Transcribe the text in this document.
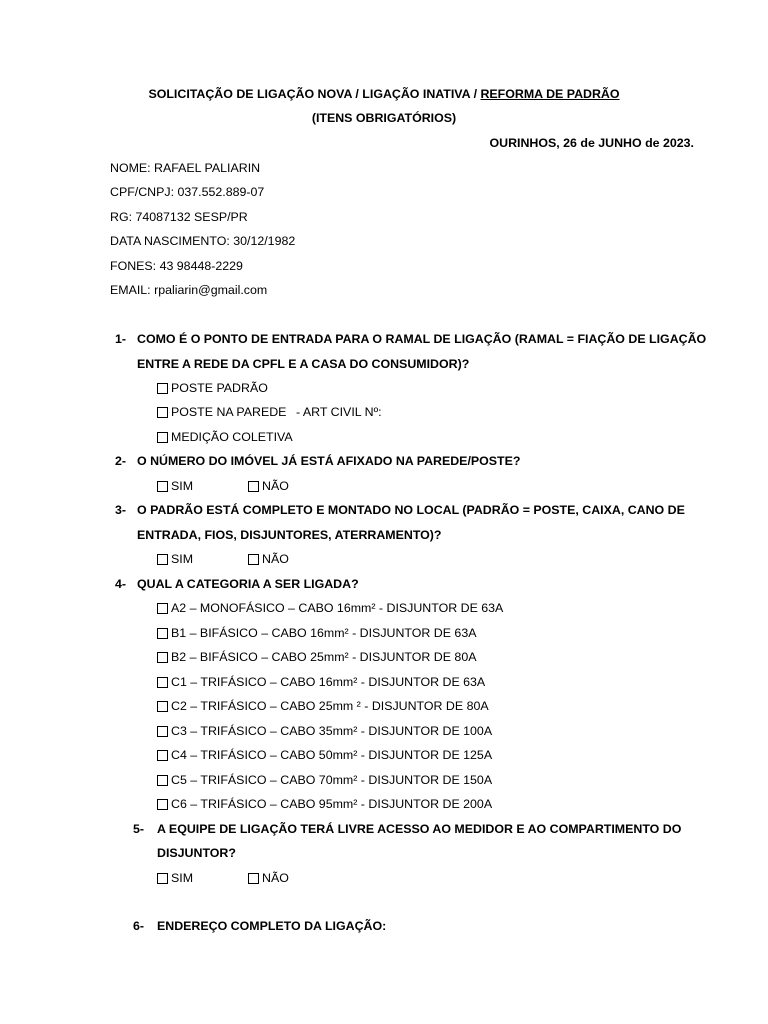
SOLICITAÇÃO DE LIGAÇÃO NOVA / LIGAÇÃO INATIVA / REFORMA DE PADRÃO
(ITENS OBRIGATÓRIOS)
OURINHOS, 26 de JUNHO de 2023.
NOME: RAFAEL PALIARIN
CPF/CNPJ: 037.552.889-07
RG: 74087132 SESP/PR
DATA NASCIMENTO: 30/12/1982
FONES: 43 98448-2229
EMAIL: rpaliarin@gmail.com
1- COMO É O PONTO DE ENTRADA PARA O RAMAL DE LIGAÇÃO (RAMAL = FIAÇÃO DE LIGAÇÃO
ENTRE A REDE DA CPFL E A CASA DO CONSUMIDOR)?
POSTE PADRÃO
POSTE NA PAREDE - ART CIVIL Nº:
MEDIÇÃO COLETIVA
2- O NÚMERO DO IMÓVEL JÁ ESTÁ AFIXADO NA PAREDE/POSTE?
SIM	NÃO
3- O PADRÃO ESTÁ COMPLETO E MONTADO NO LOCAL (PADRÃO = POSTE, CAIXA, CANO DE
ENTRADA, FIOS, DISJUNTORES, ATERRAMENTO)?
SIM	NÃO
4- QUAL A CATEGORIA A SER LIGADA?
A2 – MONOFÁSICO – CABO 16mm² - DISJUNTOR DE 63A
B1 – BIFÁSICO – CABO 16mm² - DISJUNTOR DE 63A
B2 – BIFÁSICO – CABO 25mm² - DISJUNTOR DE 80A
C1 – TRIFÁSICO – CABO 16mm² - DISJUNTOR DE 63A
C2 – TRIFÁSICO – CABO 25mm ² - DISJUNTOR DE 80A
C3 – TRIFÁSICO – CABO 35mm² - DISJUNTOR DE 100A
C4 – TRIFÁSICO – CABO 50mm² - DISJUNTOR DE 125A
C5 – TRIFÁSICO – CABO 70mm² - DISJUNTOR DE 150A
C6 – TRIFÁSICO – CABO 95mm² - DISJUNTOR DE 200A
5- A EQUIPE DE LIGAÇÃO TERÁ LIVRE ACESSO AO MEDIDOR E AO COMPARTIMENTO DO
DISJUNTOR?
SIM	NÃO
6- ENDEREÇO COMPLETO DA LIGAÇÃO:
